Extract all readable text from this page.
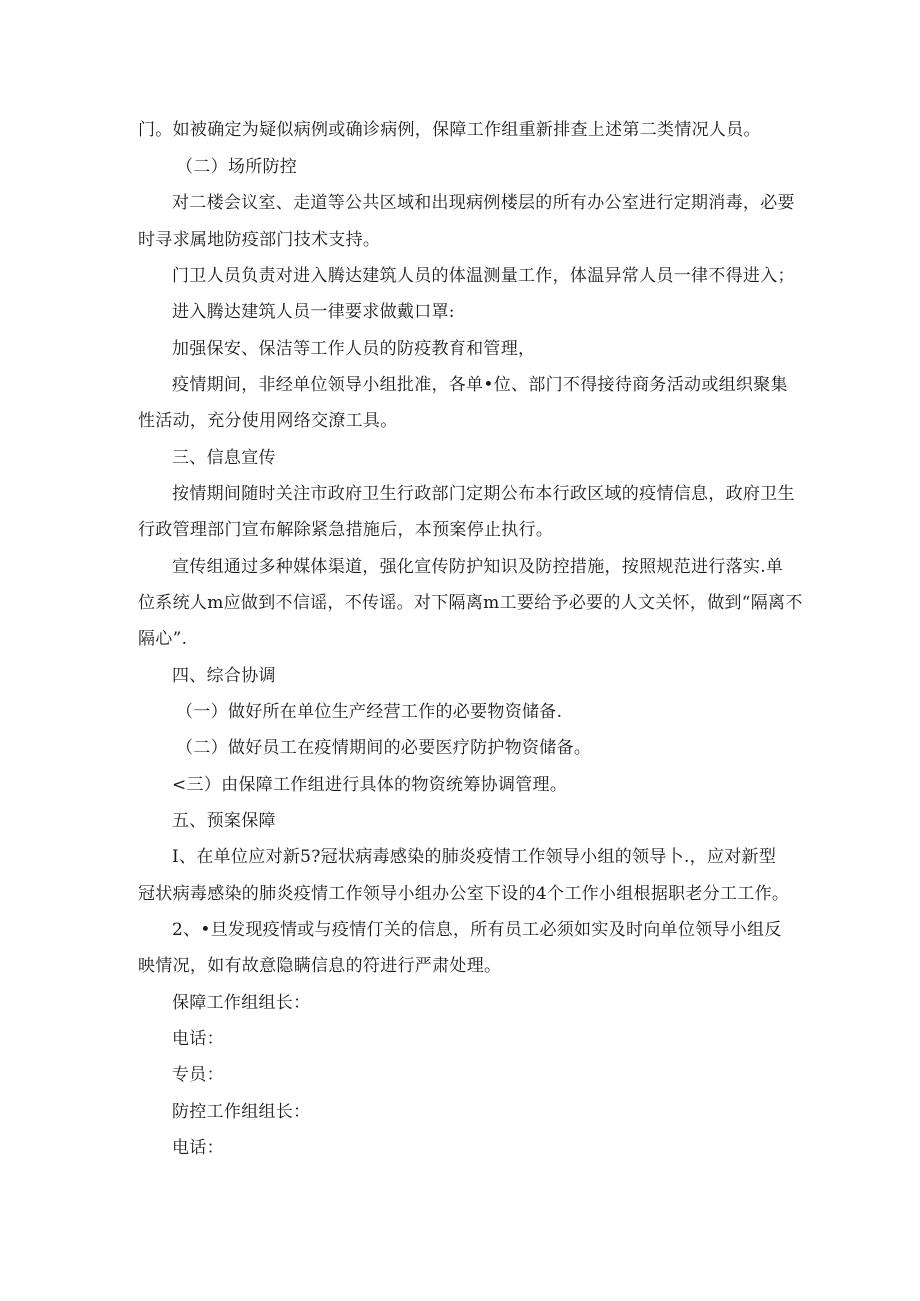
门。如被确定为疑似病例或确诊病例，保障工作组重新排查上述第二类情况人员。
（二）场所防控
对二楼会议室、走道等公共区域和出现病例楼层的所有办公室进行定期消毒，必要
时寻求属地防疫部门技术支持。
门卫人员负责对进入腾达建筑人员的体温测量工作，体温异常人员一律不得进入；
进入腾达建筑人员一律要求做戴口罩:
加强保安、保洁等工作人员的防疫教育和管理，
疫情期间，非经单位领导小组批准，各单•位、部门不得接待商务活动或组织聚集
性活动，充分使用网络交潦工具。
三、信息宣传
按情期间随时关注市政府卫生行政部门定期公布本行政区域的疫情信息，政府卫生
行政管理部门宣布解除紧急措施后，本预案停止执行。
宣传组通过多种媒体渠道，强化宣传防护知识及防控措施，按照规范进行落实.单
位系统人m应做到不信谣，不传谣。对下隔离m工要给予必要的人文关怀，做到“隔离不
隔心”.
四、综合协调
（一）做好所在单位生产经营工作的必要物资储备.
（二）做好员工在疫情期间的必要医疗防护物资储备。
<三）由保障工作组进行具体的物资统筹协调管理。
五、预案保障
I、在单位应对新5?冠状病毒感染的肺炎疫情工作领导小组的领导卜.，应对新型
冠状病毒感染的肺炎疫情工作领导小组办公室下设的4个工作小组根据职老分工工作。
2、•旦发现疫情或与疫情仃关的信息，所有员工必须如实及时向单位领导小组反
映情况，如有故意隐瞒信息的符进行严肃处理。
保障工作组组长：
电话：
专员：
防控工作组组长：
电话：
